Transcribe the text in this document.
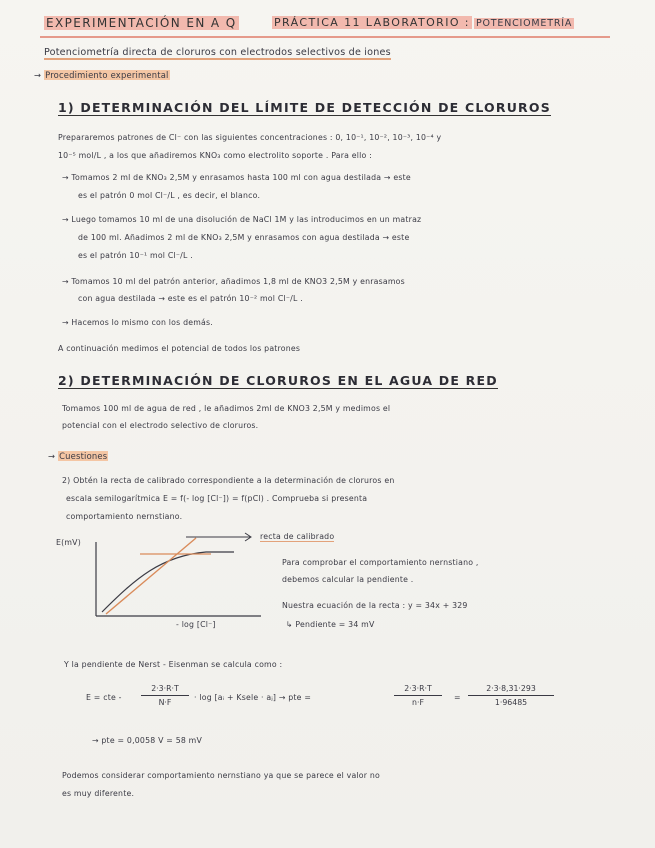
EXPERIMENTACIÓN EN A Q	PRÁCTICA 11 LABORATORIO : POTENCIOMETRÍA
Potenciometría directa de cloruros con electrodos selectivos de iones
→ Procedimiento experimental
1) DETERMINACIÓN DEL LÍMITE DE DETECCIÓN DE CLORUROS
Prepararemos patrones de Cl⁻ con las siguientes concentraciones : 0, 10⁻¹, 10⁻², 10⁻³, 10⁻⁴ y
10⁻⁵ mol/L , a los que añadiremos KNO₃ como electrolito soporte . Para ello :
→ Tomamos 2 ml de KNO₃ 2,5M y enrasamos hasta 100 ml con agua destilada → este
es el patrón 0 mol Cl⁻/L , es decir, el blanco.
→ Luego tomamos 10 ml de una disolución de NaCl 1M y las introducimos en un matraz
de 100 ml. Añadimos 2 ml de KNO₃ 2,5M y enrasamos con agua destilada → este
es el patrón 10⁻¹ mol Cl⁻/L .
→ Tomamos 10 ml del patrón anterior, añadimos 1,8 ml de KNO3 2,5M y enrasamos
con agua destilada → este es el patrón 10⁻² mol Cl⁻/L .
→ Hacemos lo mismo con los demás.
A continuación medimos el potencial de todos los patrones
2) DETERMINACIÓN DE CLORUROS EN EL AGUA DE RED
Tomamos 100 ml de agua de red , le añadimos 2ml de KNO3 2,5M y medimos el
potencial con el electrodo selectivo de cloruros.
→ Cuestiones
2) Obtén la recta de calibrado correspondiente a la determinación de cloruros en
escala semilogarítmica E = f(- log [Cl⁻]) = f(pCl) . Comprueba si presenta
comportamiento nernstiano.
E(mV)
- log [Cl⁻]
recta de calibrado
Para comprobar el comportamiento nernstiano ,
debemos calcular la pendiente .
Nuestra ecuación de la recta : y = 34x + 329
↳ Pendiente = 34 mV
Y la pendiente de Nerst - Eisenman se calcula como :
E = cte - $\frac{2\cdot 3\cdot R\cdot T}{N\cdot F} \cdot \log$ [aᵢ + Ksele · aⱼ] → pte =	$\frac{2\cdot 3\cdot R\cdot T}{n\cdot F} = \frac{2\cdot 3\cdot 8,31\cdot 293}{1\cdot 96485}$
→ pte = 0,0058 V = 58 mV
Podemos considerar comportamiento nernstiano ya que se parece el valor no
es muy diferente.
